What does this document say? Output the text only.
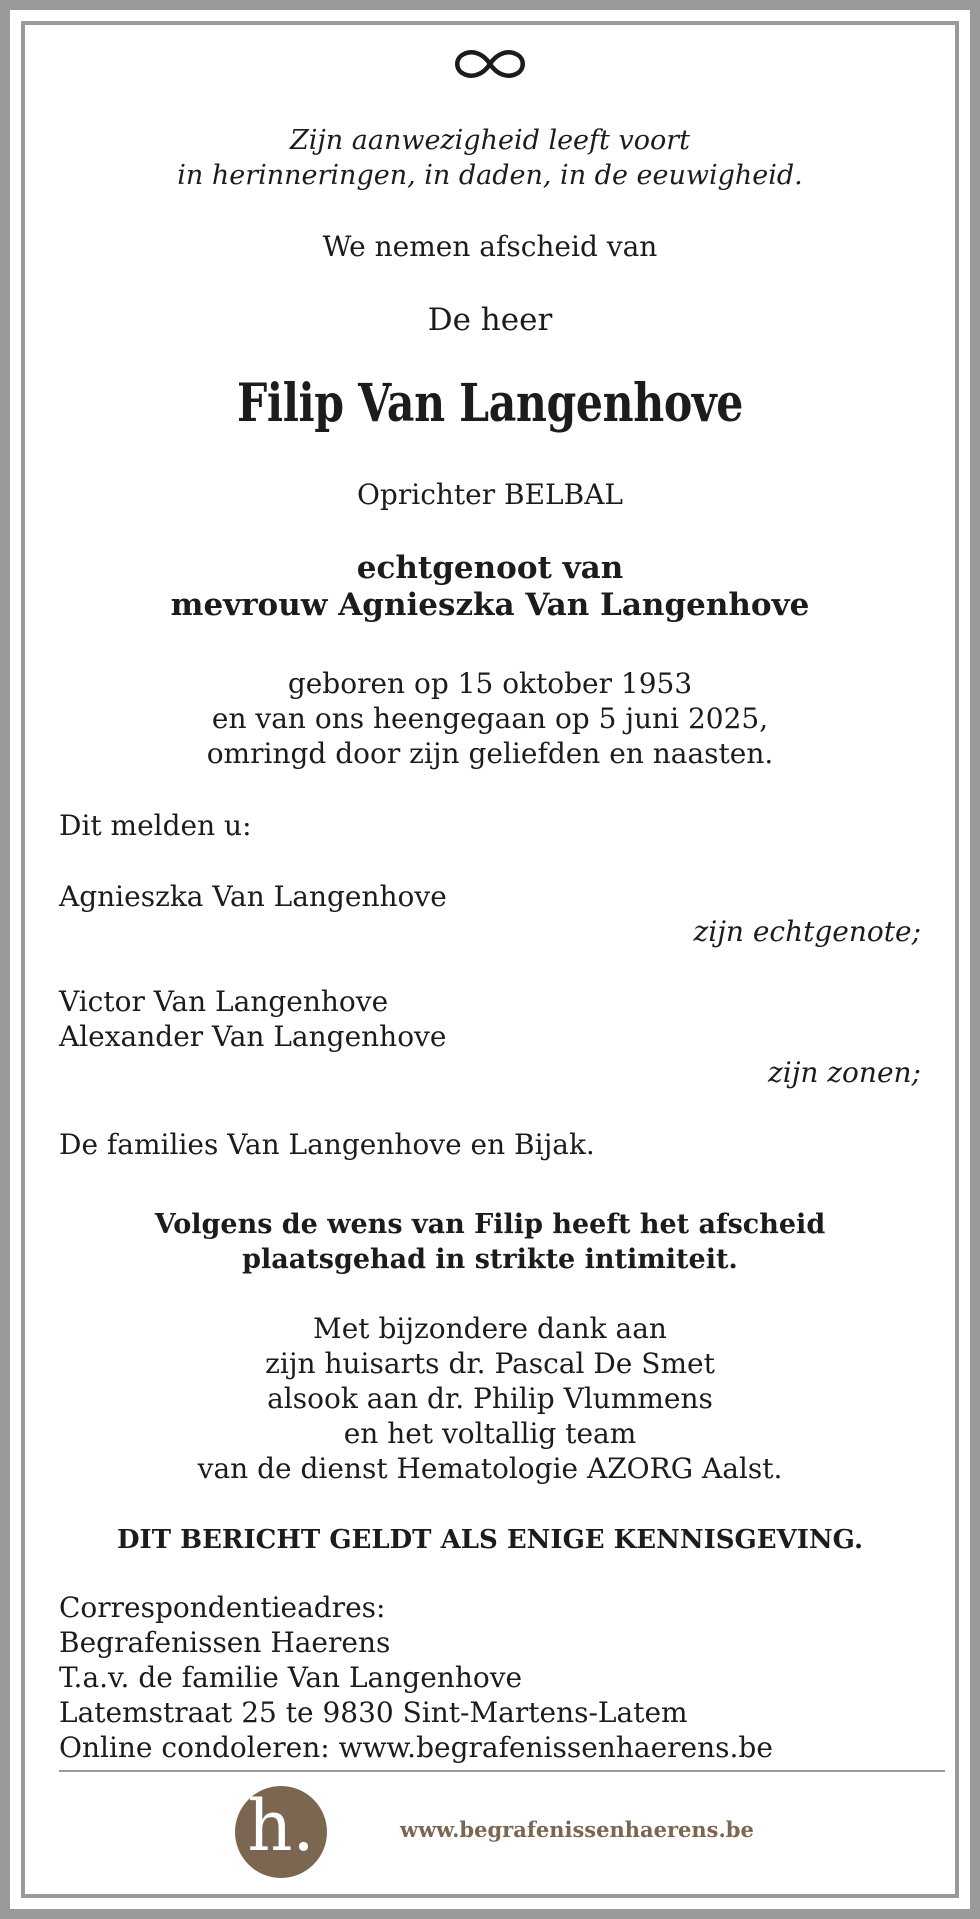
Zijn aanwezigheid leeft voort
in herinneringen, in daden, in de eeuwigheid.
We nemen afscheid van
De heer
Filip Van Langenhove
Oprichter BELBAL
echtgenoot van
mevrouw Agnieszka Van Langenhove
geboren op 15 oktober 1953
en van ons heengegaan op 5 juni 2025,
omringd door zijn geliefden en naasten.
Dit melden u:
Agnieszka Van Langenhove
zijn echtgenote;
Victor Van Langenhove
Alexander Van Langenhove
zijn zonen;
De families Van Langenhove en Bijak.
Volgens de wens van Filip heeft het afscheid
plaatsgehad in strikte intimiteit.
Met bijzondere dank aan
zijn huisarts dr. Pascal De Smet
alsook aan dr. Philip Vlummens
en het voltallig team
van de dienst Hematologie AZORG Aalst.
DIT BERICHT GELDT ALS ENIGE KENNISGEVING.
Correspondentieadres:
Begrafenissen Haerens
T.a.v. de familie Van Langenhove
Latemstraat 25 te 9830 Sint-Martens-Latem
Online condoleren: www.begrafenissenhaerens.be
h.	www.begrafenissenhaerens.be
